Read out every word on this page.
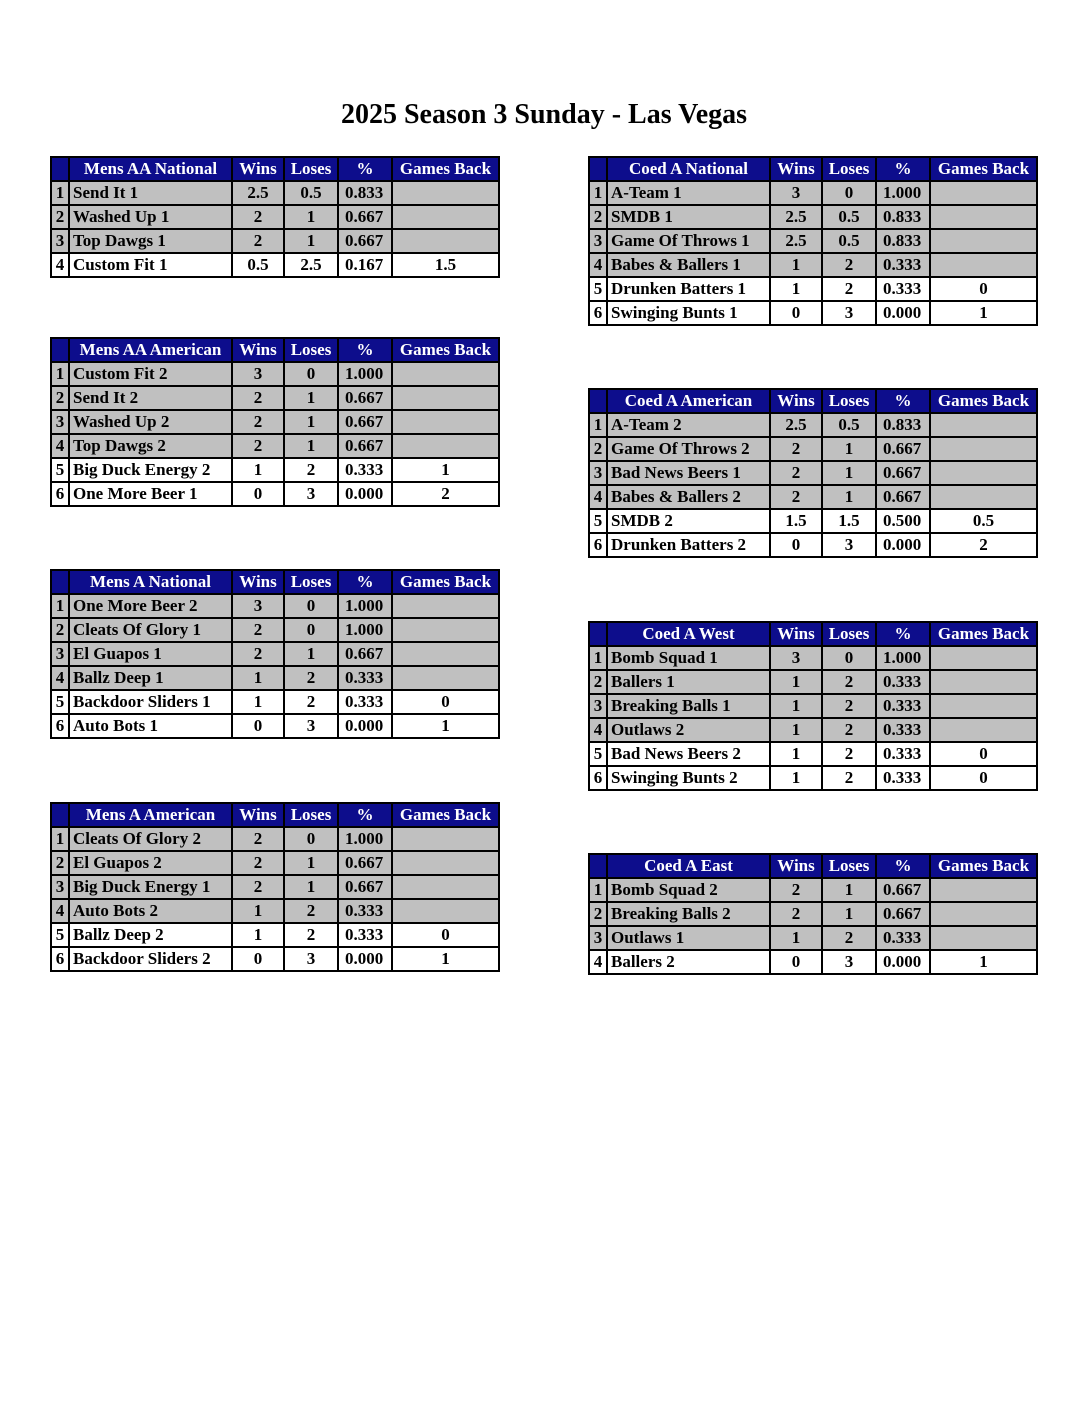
2025 Season 3 Sunday - Las Vegas
	Mens AA National	Wins	Loses	%	Games Back
1	Send It 1	2.5	0.5	0.833	
2	Washed Up 1	2	1	0.667	
3	Top Dawgs 1	2	1	0.667	
4	Custom Fit 1	0.5	2.5	0.167	1.5
	Mens AA American	Wins	Loses	%	Games Back
1	Custom Fit 2	3	0	1.000	
2	Send It 2	2	1	0.667	
3	Washed Up 2	2	1	0.667	
4	Top Dawgs 2	2	1	0.667	
5	Big Duck Energy 2	1	2	0.333	1
6	One More Beer 1	0	3	0.000	2
	Mens A National	Wins	Loses	%	Games Back
1	One More Beer 2	3	0	1.000	
2	Cleats Of Glory 1	2	0	1.000	
3	El Guapos 1	2	1	0.667	
4	Ballz Deep 1	1	2	0.333	
5	Backdoor Sliders 1	1	2	0.333	0
6	Auto Bots 1	0	3	0.000	1
	Mens A American	Wins	Loses	%	Games Back
1	Cleats Of Glory 2	2	0	1.000	
2	El Guapos 2	2	1	0.667	
3	Big Duck Energy 1	2	1	0.667	
4	Auto Bots 2	1	2	0.333	
5	Ballz Deep 2	1	2	0.333	0
6	Backdoor Sliders 2	0	3	0.000	1
	Coed A National	Wins	Loses	%	Games Back
1	A-Team 1	3	0	1.000	
2	SMDB 1	2.5	0.5	0.833	
3	Game Of Throws 1	2.5	0.5	0.833	
4	Babes & Ballers 1	1	2	0.333	
5	Drunken Batters 1	1	2	0.333	0
6	Swinging Bunts 1	0	3	0.000	1
	Coed A American	Wins	Loses	%	Games Back
1	A-Team 2	2.5	0.5	0.833	
2	Game Of Throws 2	2	1	0.667	
3	Bad News Beers 1	2	1	0.667	
4	Babes & Ballers 2	2	1	0.667	
5	SMDB 2	1.5	1.5	0.500	0.5
6	Drunken Batters 2	0	3	0.000	2
	Coed A West	Wins	Loses	%	Games Back
1	Bomb Squad 1	3	0	1.000	
2	Ballers 1	1	2	0.333	
3	Breaking Balls 1	1	2	0.333	
4	Outlaws 2	1	2	0.333	
5	Bad News Beers 2	1	2	0.333	0
6	Swinging Bunts 2	1	2	0.333	0
	Coed A East	Wins	Loses	%	Games Back
1	Bomb Squad 2	2	1	0.667	
2	Breaking Balls 2	2	1	0.667	
3	Outlaws 1	1	2	0.333	
4	Ballers 2	0	3	0.000	1
